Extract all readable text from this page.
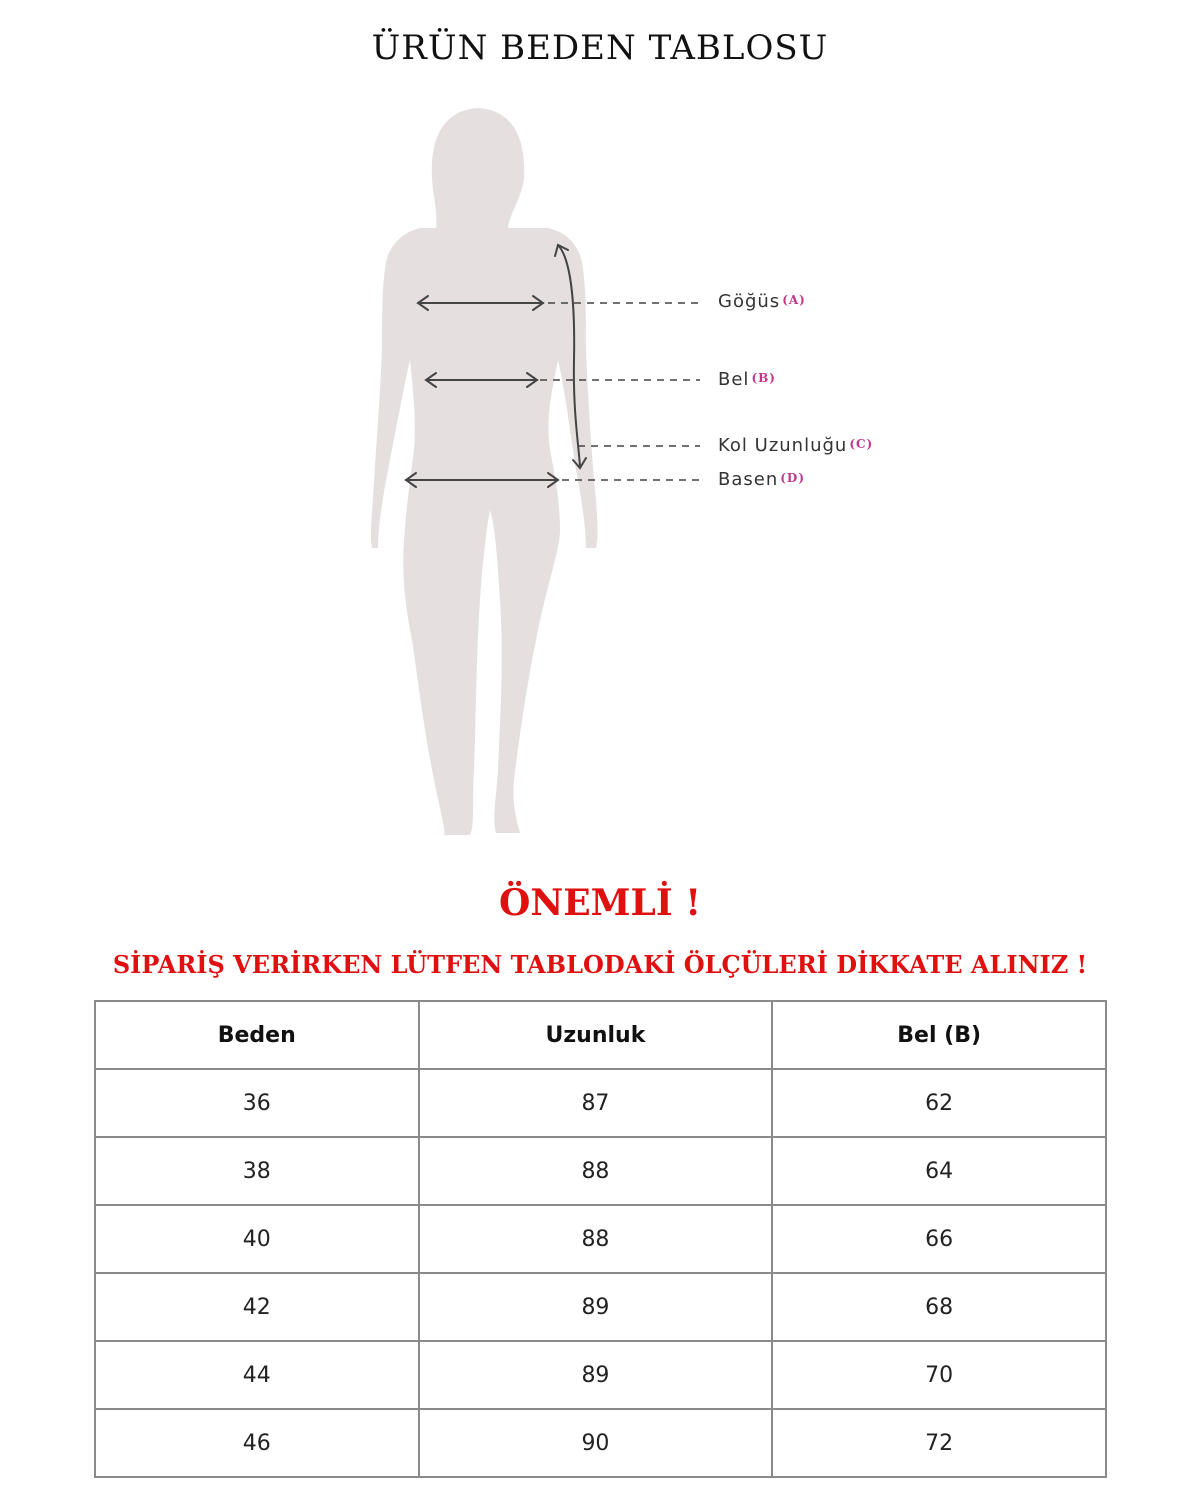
ÜRÜN BEDEN TABLOSU
Göğüs (A)
Bel (B)
Kol Uzunluğu (C)
Basen (D)
ÖNEMLİ !
SİPARİŞ VERİRKEN LÜTFEN TABLODAKİ ÖLÇÜLERİ DİKKATE ALINIZ !
Beden	Uzunluk	Bel (B)
36	87	62
38	88	64
40	88	66
42	89	68
44	89	70
46	90	72
